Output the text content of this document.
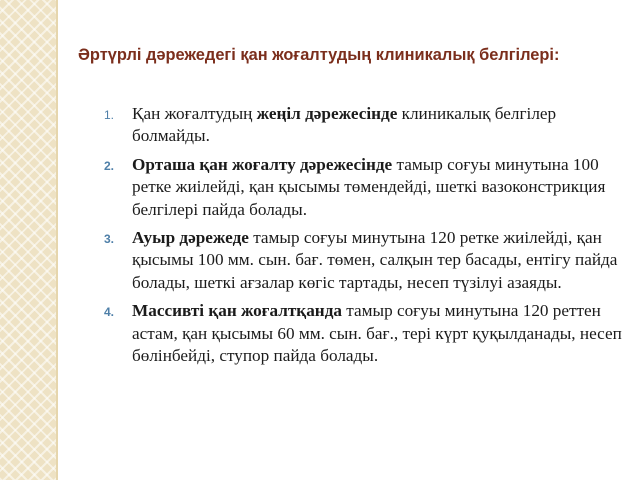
Әртүрлі дәрежедегі қан жоғалтудың клиникалық белгілері:
1. Қан жоғалтудың жеңіл дәрежесінде клиникалық белгілер болмайды.
2. Орташа қан жоғалту дәрежесінде тамыр соғуы минутына 100 ретке жиілейді, қан қысымы төмендейді, шеткі вазоконстрикция белгілері пайда болады.
3. Ауыр дәрежеде тамыр соғуы минутына 120 ретке жиілейді, қан қысымы 100 мм. сын. бағ. төмен, салқын тер басады, ентігу пайда болады, шеткі ағзалар көгіс тартады, несеп түзілуі азаяды.
4. Массивті қан жоғалтқанда тамыр соғуы минутына 120 реттен астам, қан қысымы 60 мм. сын. бағ., тері күрт қуқылданады, несеп бөлінбейді, ступор пайда болады.
